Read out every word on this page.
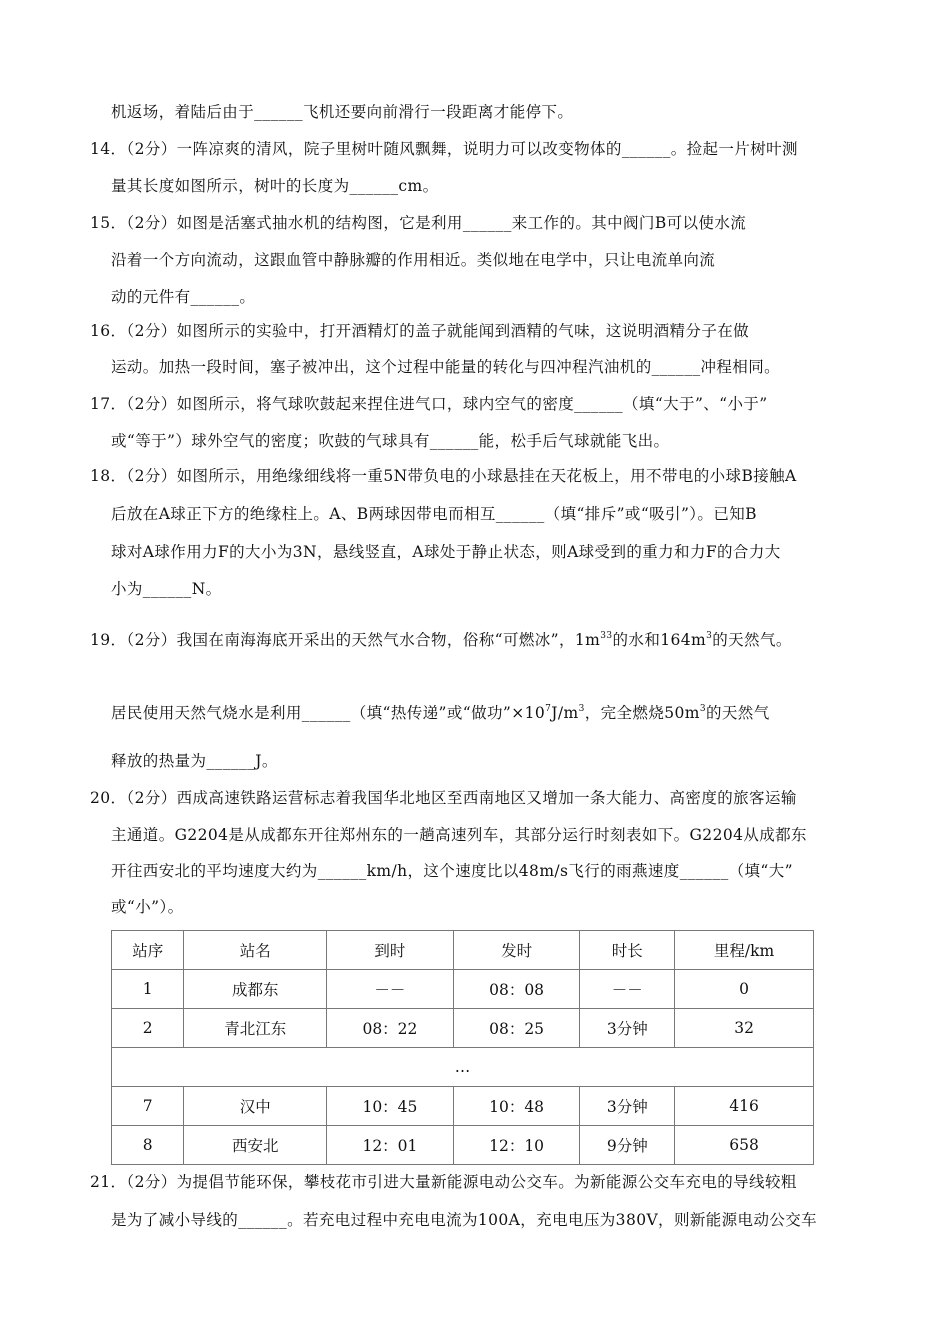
机返场，着陆后由于______飞机还要向前滑行一段距离才能停下。
14．（2分）一阵凉爽的清风，院子里树叶随风飘舞，说明力可以改变物体的______。捡起一片树叶测
量其长度如图所示，树叶的长度为______cm。
15．（2分）如图是活塞式抽水机的结构图，它是利用______来工作的。其中阀门B可以使水流
沿着一个方向流动，这跟血管中静脉瓣的作用相近。类似地在电学中，只让电流单向流
动的元件有______。
16．（2分）如图所示的实验中，打开酒精灯的盖子就能闻到酒精的气味，这说明酒精分子在做
运动。加热一段时间，塞子被冲出，这个过程中能量的转化与四冲程汽油机的______冲程相同。
17．（2分）如图所示，将气球吹鼓起来捏住进气口，球内空气的密度______（填“大于”、“小于”
或“等于”）球外空气的密度；吹鼓的气球具有______能，松手后气球就能飞出。
18．（2分）如图所示，用绝缘细线将一重5N带负电的小球悬挂在天花板上，用不带电的小球B接触A
后放在A球正下方的绝缘柱上。A、B两球因带电而相互______（填“排斥”或“吸引”）。已知B
球对A球作用力F的大小为3N，悬线竖直，A球处于静止状态，则A球受到的重力和力F的合力大
小为______N。
19．（2分）我国在南海海底开采出的天然气水合物，俗称“可燃冰”，$1m^{33}$的水和$164m^3$的天然气。
居民使用天然气烧水是利用______（填“热传递”或“做功$”\times 10^7J/m^3$，完全燃烧$50m^3$的天然气
释放的热量为______J。
20．（2分）西成高速铁路运营标志着我国华北地区至西南地区又增加一条大能力、高密度的旅客运输
主通道。G2204是从成都东开往郑州东的一趟高速列车，其部分运行时刻表如下。G2204从成都东
开往西安北的平均速度大约为______km/h，这个速度比以48m/s飞行的雨燕速度______（填“大”
或“小”）。
站序	站名	到时	发时	时长	里程/km
1	成都东	－－	08：08	－－	0
2	青北江东	08：22	08：25	3分钟	32
…					
7	汉中	10：45	10：48	3分钟	416
8	西安北	12：01	12：10	9分钟	658
21．（2分）为提倡节能环保，攀枝花市引进大量新能源电动公交车。为新能源公交车充电的导线较粗
是为了减小导线的______。若充电过程中充电电流为100A，充电电压为380V，则新能源电动公交车
